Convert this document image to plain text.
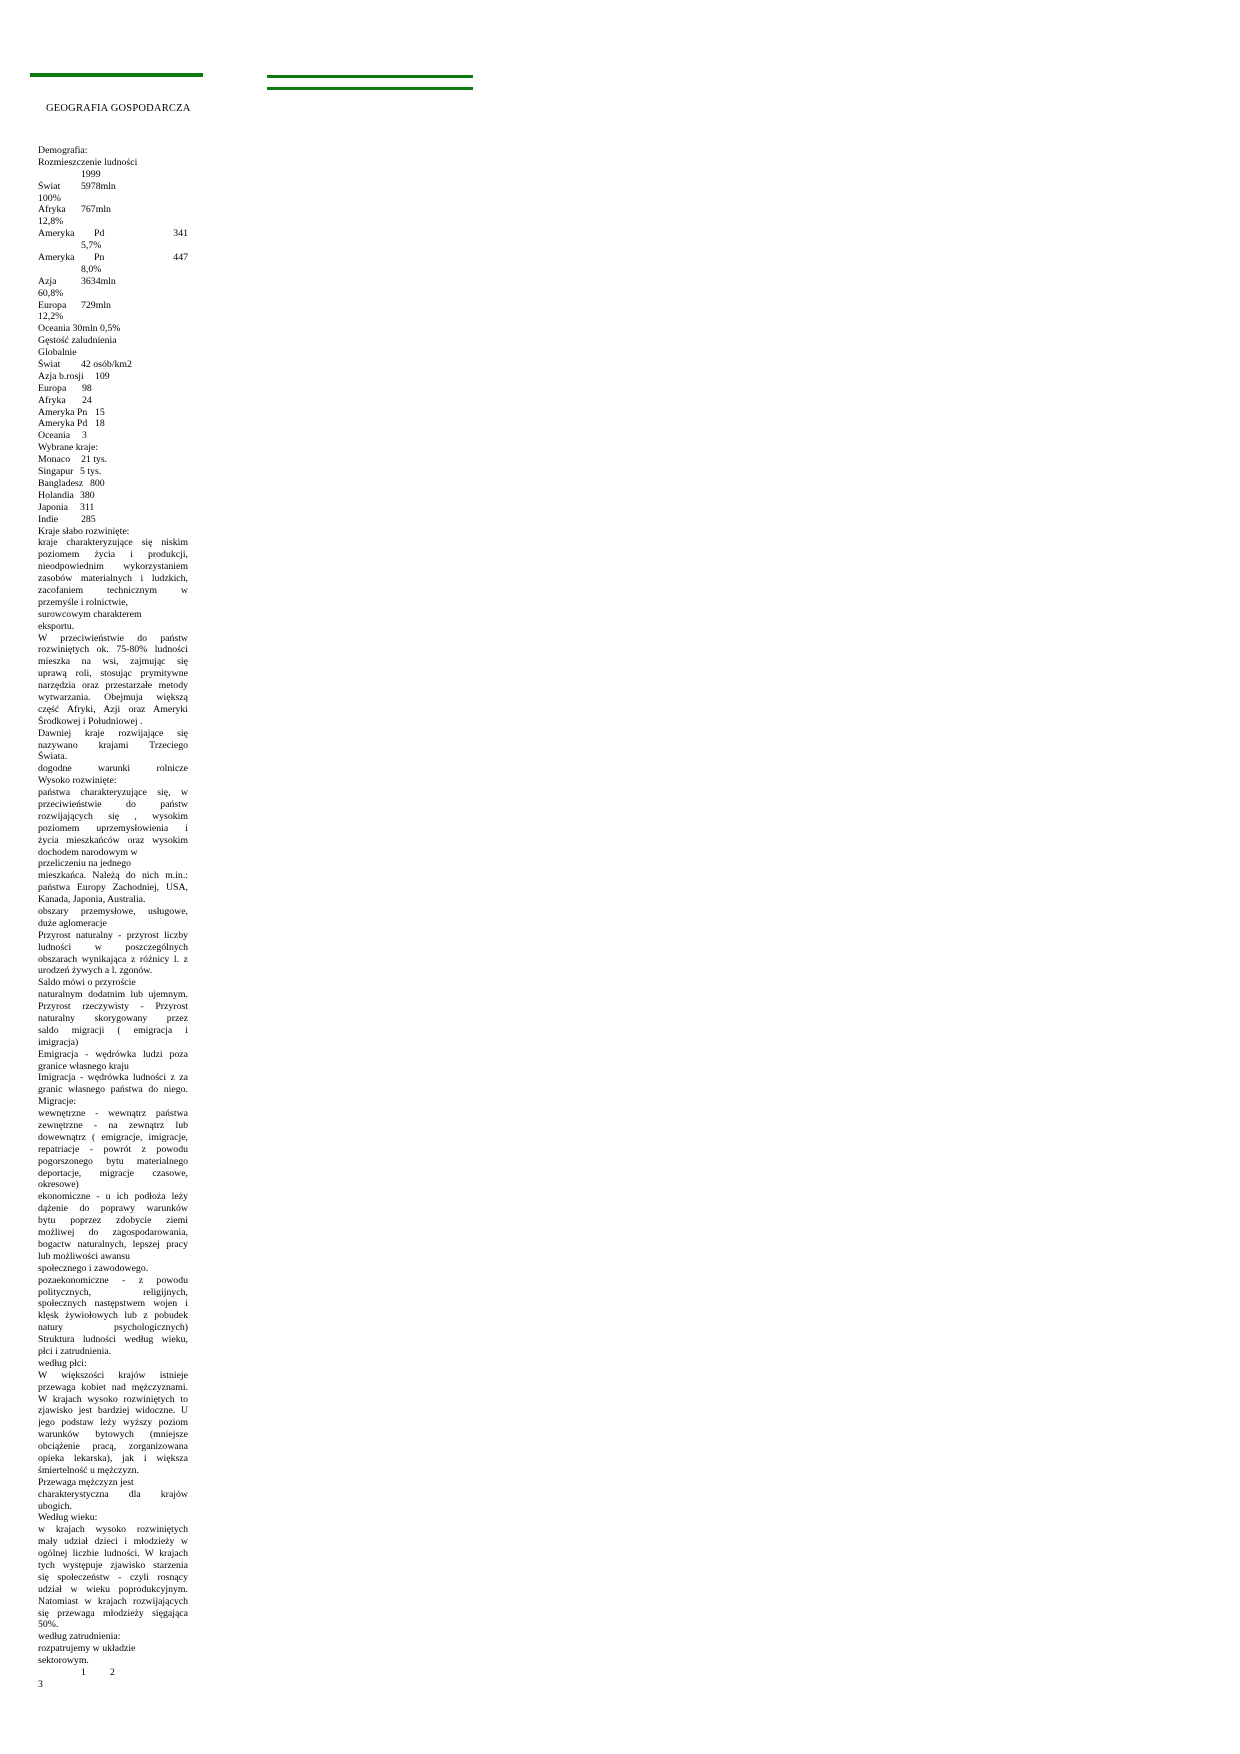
GEOGRAFIA GOSPODARCZA
Demografia:
Rozmieszczenie ludności
1999
Świat 5978mln
100%
Afryka 767mln
12,8%
Ameryka Pd	341
5,7%
Ameryka Pn	447
8,0%
Azja	3634mln
60,8%
Europa 729mln
12,2%
Oceania 30mln 0,5%
Gęstość zaludnienia
Globalnie
Świat 42 osób/km2
Azja b.rosji 109
Europa 98
Afryka 24
Ameryka Pn 15
Ameryka Pd 18
Oceania 3
Wybrane kraje:
Monaco 21 tys.
Singapur 5 tys.
Bangladesz 800
Holandia 380
Japonia 311
Indie 285
Kraje słabo rozwinięte:
kraje charakteryzujące się niskim
poziomem życia i produkcji,
nieodpowiednim wykorzystaniem
zasobów materialnych i ludzkich,
zacofaniem technicznym w
przemyśle i rolnictwie,
surowcowym charakterem
eksportu.
W przeciwieństwie do państw
rozwiniętych ok. 75-80% ludności
mieszka na wsi, zajmując się
uprawą roli, stosując prymitywne
narzędzia oraz przestarzałe metody
wytwarzania. Obejmuja większą
część Afryki, Azji oraz Ameryki
Środkowej i Południowej .
Dawniej kraje rozwijające się
nazywano krajami Trzeciego
Świata.
dogodne warunki rolnicze
Wysoko rozwinięte:
państwa charakteryzujące się, w
przeciwieństwie do państw
rozwijających się , wysokim
poziomem uprzemysłowienia i
życia mieszkańców oraz wysokim
dochodem narodowym w
przeliczeniu na jednego
mieszkańca. Należą do nich m.in.:
państwa Europy Zachodniej, USA,
Kanada, Japonia, Australia.
obszary przemysłowe, usługowe,
duże aglomeracje
Przyrost naturalny - przyrost liczby
ludności w poszczególnych
obszarach wynikająca z różnicy l. z
urodzeń żywych a l. zgonów.
Saldo mówi o przyroście
naturalnym dodatnim lub ujemnym.
Przyrost rzeczywisty - Przyrost
naturalny skorygowany przez
saldo migracji ( emigracja i
imigracja)
Emigracja - wędrówka ludzi poza
granice własnego kraju
Imigracja - wędrówka ludności z za
granic własnego państwa do niego.
Migracje:
wewnętrzne - wewnątrz państwa
zewnętrzne - na zewnątrz lub
dowewnątrz ( emigracje, imigracje,
repatriacje - powrót z powodu
pogorszonego bytu materialnego
deportacje, migracje czasowe,
okresowe)
ekonomiczne - u ich podłoża leży
dążenie do poprawy warunków
bytu poprzez zdobycie ziemi
możliwej do zagospodarowania,
bogactw naturalnych, lepszej pracy
lub możliwości awansu
społecznego i zawodowego.
pozaekonomiczne - z powodu
politycznych, religijnych,
społecznych następstwem wojen i
klęsk żywiołowych lub z pobudek
natury psychologicznych)
Struktura ludności według wieku,
płci i zatrudnienia.
według płci:
W większości krajów istnieje
przewaga kobiet nad mężczyznami.
W krajach wysoko rozwiniętych to
zjawisko jest bardziej widoczne. U
jego podstaw leży wyższy poziom
warunków bytowych (mniejsze
obciążenie pracą, zorganizowana
opieka lekarska), jak i większa
śmiertelność u mężczyzn.
Przewaga mężczyzn jest
charakterystyczna dla krajów
ubogich.
Według wieku:
w krajach wysoko rozwiniętych
mały udział dzieci i młodzieży w
ogólnej liczbie ludności. W krajach
tych występuje zjawisko starzenia
się społeczeństw - czyli rosnący
udział w wieku poprodukcyjnym.
Natomiast w krajach rozwijających
się przewaga młodzieży sięgająca
50%.
według zatrudnienia:
rozpatrujemy w układzie
sektorowym.
1 2
3
